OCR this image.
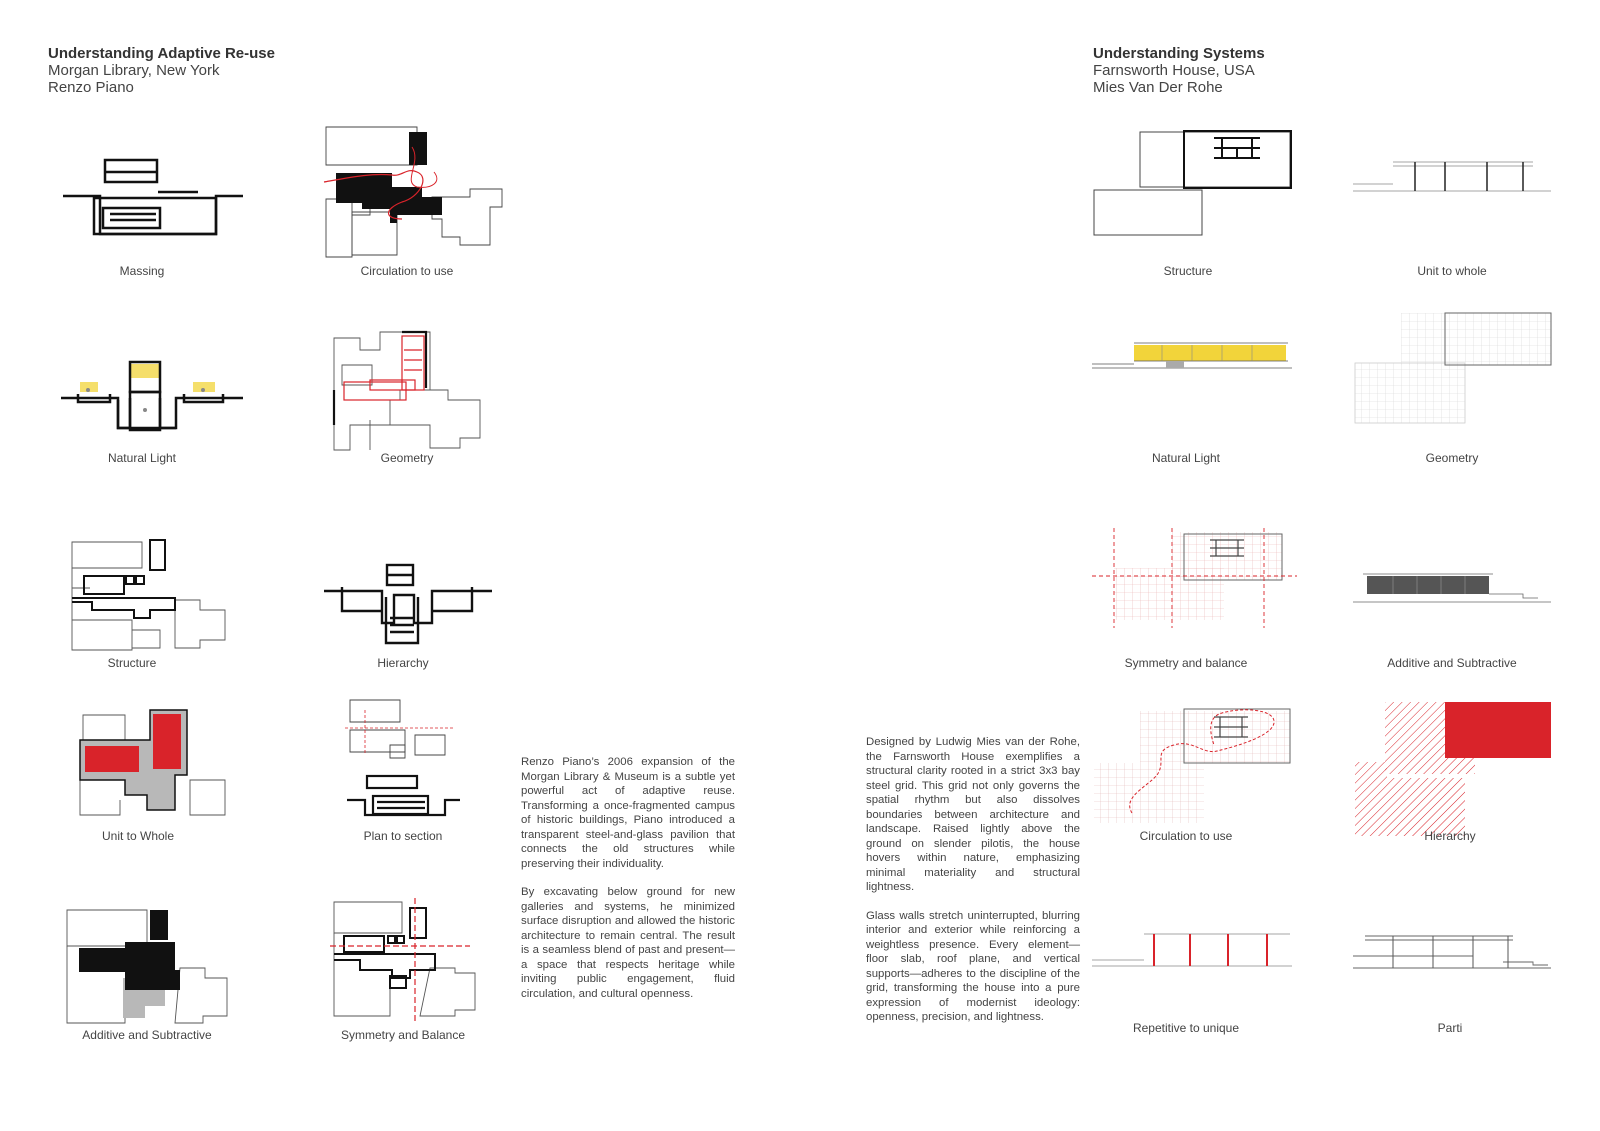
Understanding Adaptive Re-use
Morgan Library, New York
Renzo Piano
Understanding Systems
Farnsworth House, USA
Mies Van Der Rohe
Massing	Circulation to use
Natural Light	Geometry
Structure	Hierarchy
Unit to Whole	Plan to section
Additive and Subtractive	Symmetry and Balance

Renzo Piano’s 2006 expansion of the Morgan Library & Museum is a subtle yet powerful act of adaptive reuse. Transforming a once-fragmented campus of historic buildings, Piano introduced a transparent steel-and-glass pavilion that connects the old structures while preserving their individuality.

By excavating below ground for new galleries and systems, he minimized surface disruption and allowed the historic architecture to remain central. The result is a seamless blend of past and present—a space that respects heritage while inviting public engagement, fluid circulation, and cultural openness.

Designed by Ludwig Mies van der Rohe, the Farnsworth House exemplifies a structural clarity rooted in a strict 3x3 bay steel grid. This grid not only governs the spatial rhythm but also dissolves boundaries between architecture and landscape. Raised lightly above the ground on slender pilotis, the house hovers within nature, emphasizing minimal materiality and structural lightness.

Glass walls stretch uninterrupted, blurring interior and exterior while reinforcing a weightless presence. Every element—floor slab, roof plane, and vertical supports—adheres to the discipline of the grid, transforming the house into a pure expression of modernist ideology: openness, precision, and lightness.

Structure	Unit to whole
Natural Light	Geometry
Symmetry and balance	Additive and Subtractive
Circulation to use	Hierarchy
Repetitive to unique	Parti
